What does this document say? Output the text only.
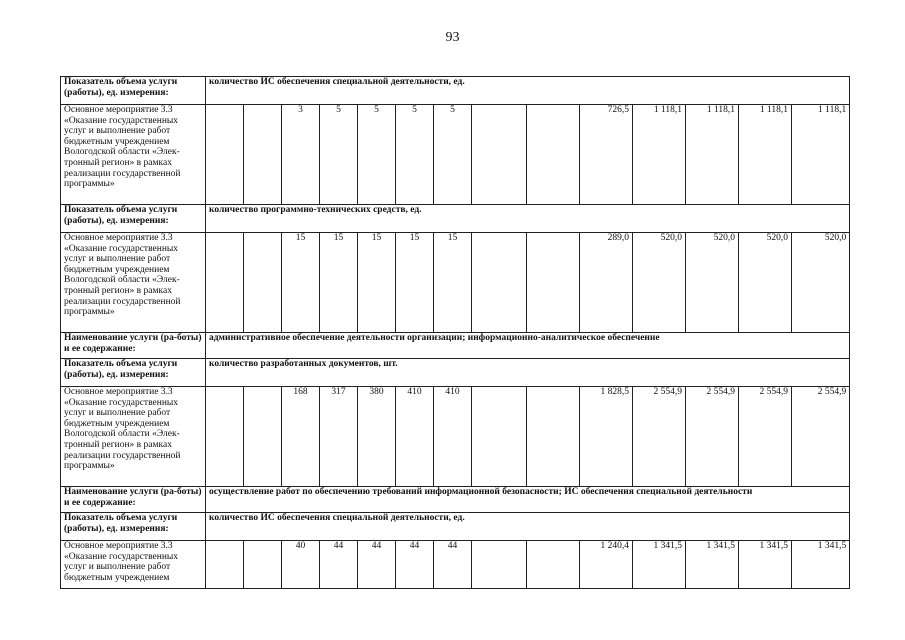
93
Показатель объема услуги (работы), ед. измерения:	количество ИС обеспечения специальной деятельности, ед.													
Основное мероприятие 3.3 «Оказание государственных услуг и выполнение работ бюджетным учреждением Вологодской области «Элек-тронный регион» в рамках реализации государственной программы»			3	5	5	5	5			726,5	1 118,1	1 118,1	1 118,1	1 118,1
Показатель объема услуги (работы), ед. измерения:	количество программно-технических средств, ед.													
Основное мероприятие 3.3 «Оказание государственных услуг и выполнение работ бюджетным учреждением Вологодской области «Элек-тронный регион» в рамках реализации государственной программы»			15	15	15	15	15			289,0	520,0	520,0	520,0	520,0
Наименование услуги (ра-боты) и ее содержание:	административное обеспечение деятельности организации; информационно-аналитическое обеспечение													
Показатель объема услуги (работы), ед. измерения:	количество разработанных документов, шт.													
Основное мероприятие 3.3 «Оказание государственных услуг и выполнение работ бюджетным учреждением Вологодской области «Элек-тронный регион» в рамках реализации государственной программы»			168	317	380	410	410			1 828,5	2 554,9	2 554,9	2 554,9	2 554,9
Наименование услуги (ра-боты) и ее содержание:	осуществление работ по обеспечению требований информационной безопасности; ИС обеспечения специальной деятельности													
Показатель объема услуги (работы), ед. измерения:	количество ИС обеспечения специальной деятельности, ед.													
Основное мероприятие 3.3 «Оказание государственных услуг и выполнение работ бюджетным учреждением			40	44	44	44	44			1 240,4	1 341,5	1 341,5	1 341,5	1 341,5
